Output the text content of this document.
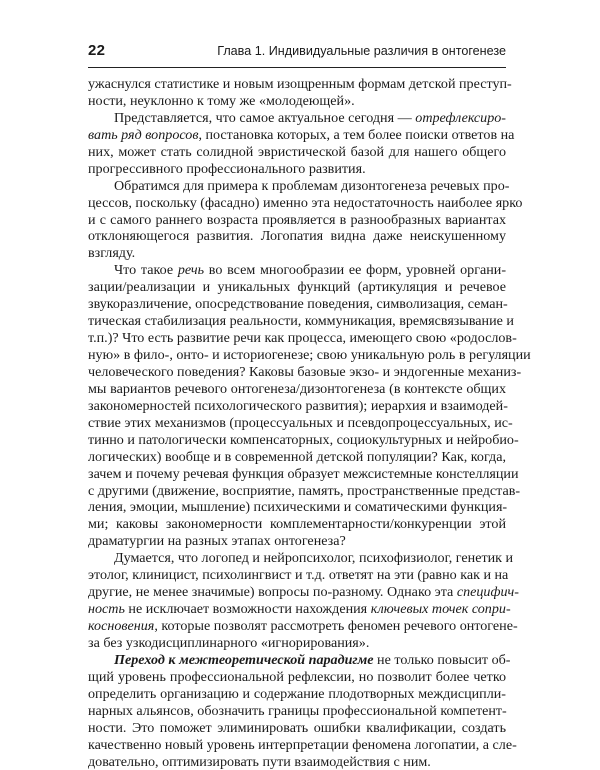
22	Глава 1. Индивидуальные различия в онтогенезе
ужаснулся статистике и новым изощренным формам детской преступ-
ности, неуклонно к тому же «молодеющей».
Представляется, что самое актуальное сегодня — отрефлексиро-
вать ряд вопросов, постановка которых, а тем более поиски ответов на
них, может стать солидной эвристической базой для нашего общего
прогрессивного профессионального развития.
Обратимся для примера к проблемам дизонтогенеза речевых про-
цессов, поскольку (фасадно) именно эта недостаточность наиболее ярко
и с самого раннего возраста проявляется в разнообразных вариантах
отклоняющегося развития. Логопатия видна даже неискушенному
взгляду.
Что такое речь во всем многообразии ее форм, уровней органи-
зации/реализации и уникальных функций (артикуляция и речевое
звукоразличение, опосредствование поведения, символизация, семан-
тическая стабилизация реальности, коммуникация, времясвязывание и
т.п.)? Что есть развитие речи как процесса, имеющего свою «родослов-
ную» в фило-, онто- и историогенезе; свою уникальную роль в регуляции
человеческого поведения? Каковы базовые экзо- и эндогенные механиз-
мы вариантов речевого онтогенеза/дизонтогенеза (в контексте общих
закономерностей психологического развития); иерархия и взаимодей-
ствие этих механизмов (процессуальных и псевдопроцессуальных, ис-
тинно и патологически компенсаторных, социокультурных и нейробио-
логических) вообще и в современной детской популяции? Как, когда,
зачем и почему речевая функция образует межсистемные констелляции
с другими (движение, восприятие, память, пространственные представ-
ления, эмоции, мышление) психическими и соматическими функция-
ми; каковы закономерности комплементарности/конкуренции этой
драматургии на разных этапах онтогенеза?
Думается, что логопед и нейропсихолог, психофизиолог, генетик и
этолог, клиницист, психолингвист и т.д. ответят на эти (равно как и на
другие, не менее значимые) вопросы по-разному. Однако эта специфич-
ность не исключает возможности нахождения ключевых точек сопри-
косновения, которые позволят рассмотреть феномен речевого онтогене-
за без узкодисциплинарного «игнорирования».
Переход к межтеоретической парадигме не только повысит об-
щий уровень профессиональной рефлексии, но позволит более четко
определить организацию и содержание плодотворных междисципли-
нарных альянсов, обозначить границы профессиональной компетент-
ности. Это поможет элиминировать ошибки квалификации, создать
качественно новый уровень интерпретации феномена логопатии, а сле-
довательно, оптимизировать пути взаимодействия с ним.
